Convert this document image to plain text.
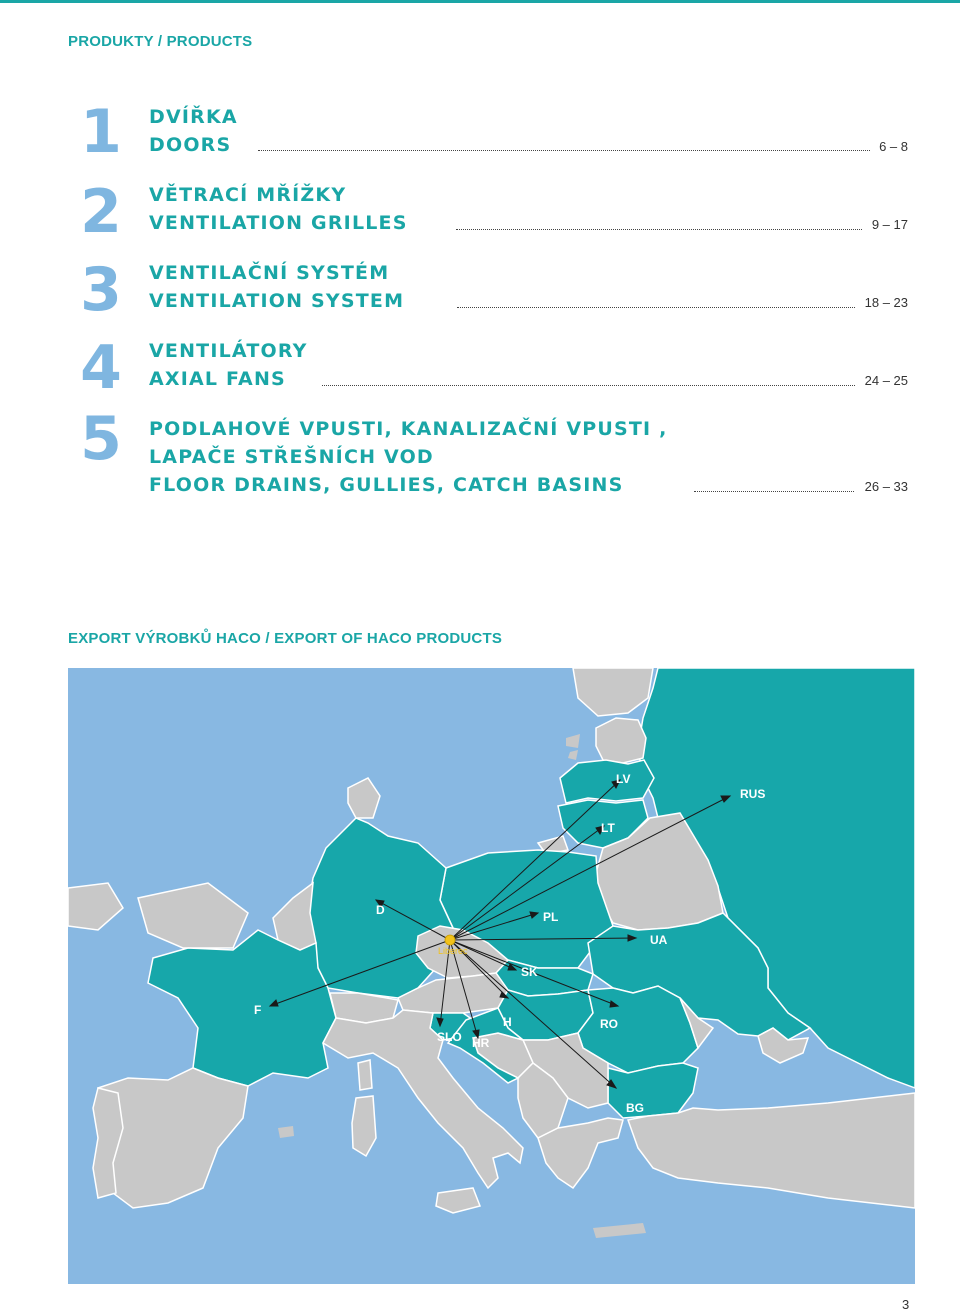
PRODUKTY / PRODUCTS
1	DVÍŘKA
DOORS	6 – 8
2	VĚTRACÍ MŘÍŽKY
VENTILATION GRILLES	9 – 17
3	VENTILAČNÍ SYSTÉM
VENTILATION SYSTEM	18 – 23
4	VENTILÁTORY
AXIAL FANS	24 – 25
5	PODLAHOVÉ VPUSTI, KANALIZAČNÍ VPUSTI ,
LAPAČE STŘEŠNÍCH VOD
FLOOR DRAINS, GULLIES, CATCH BASINS	26 – 33
EXPORT VÝROBKŮ HACO / EXPORT OF HACO PRODUCTS
Liberec
LV
RUS
LT
D	PL
UA
SK
F
SLO HR
H	RO
BG
3
